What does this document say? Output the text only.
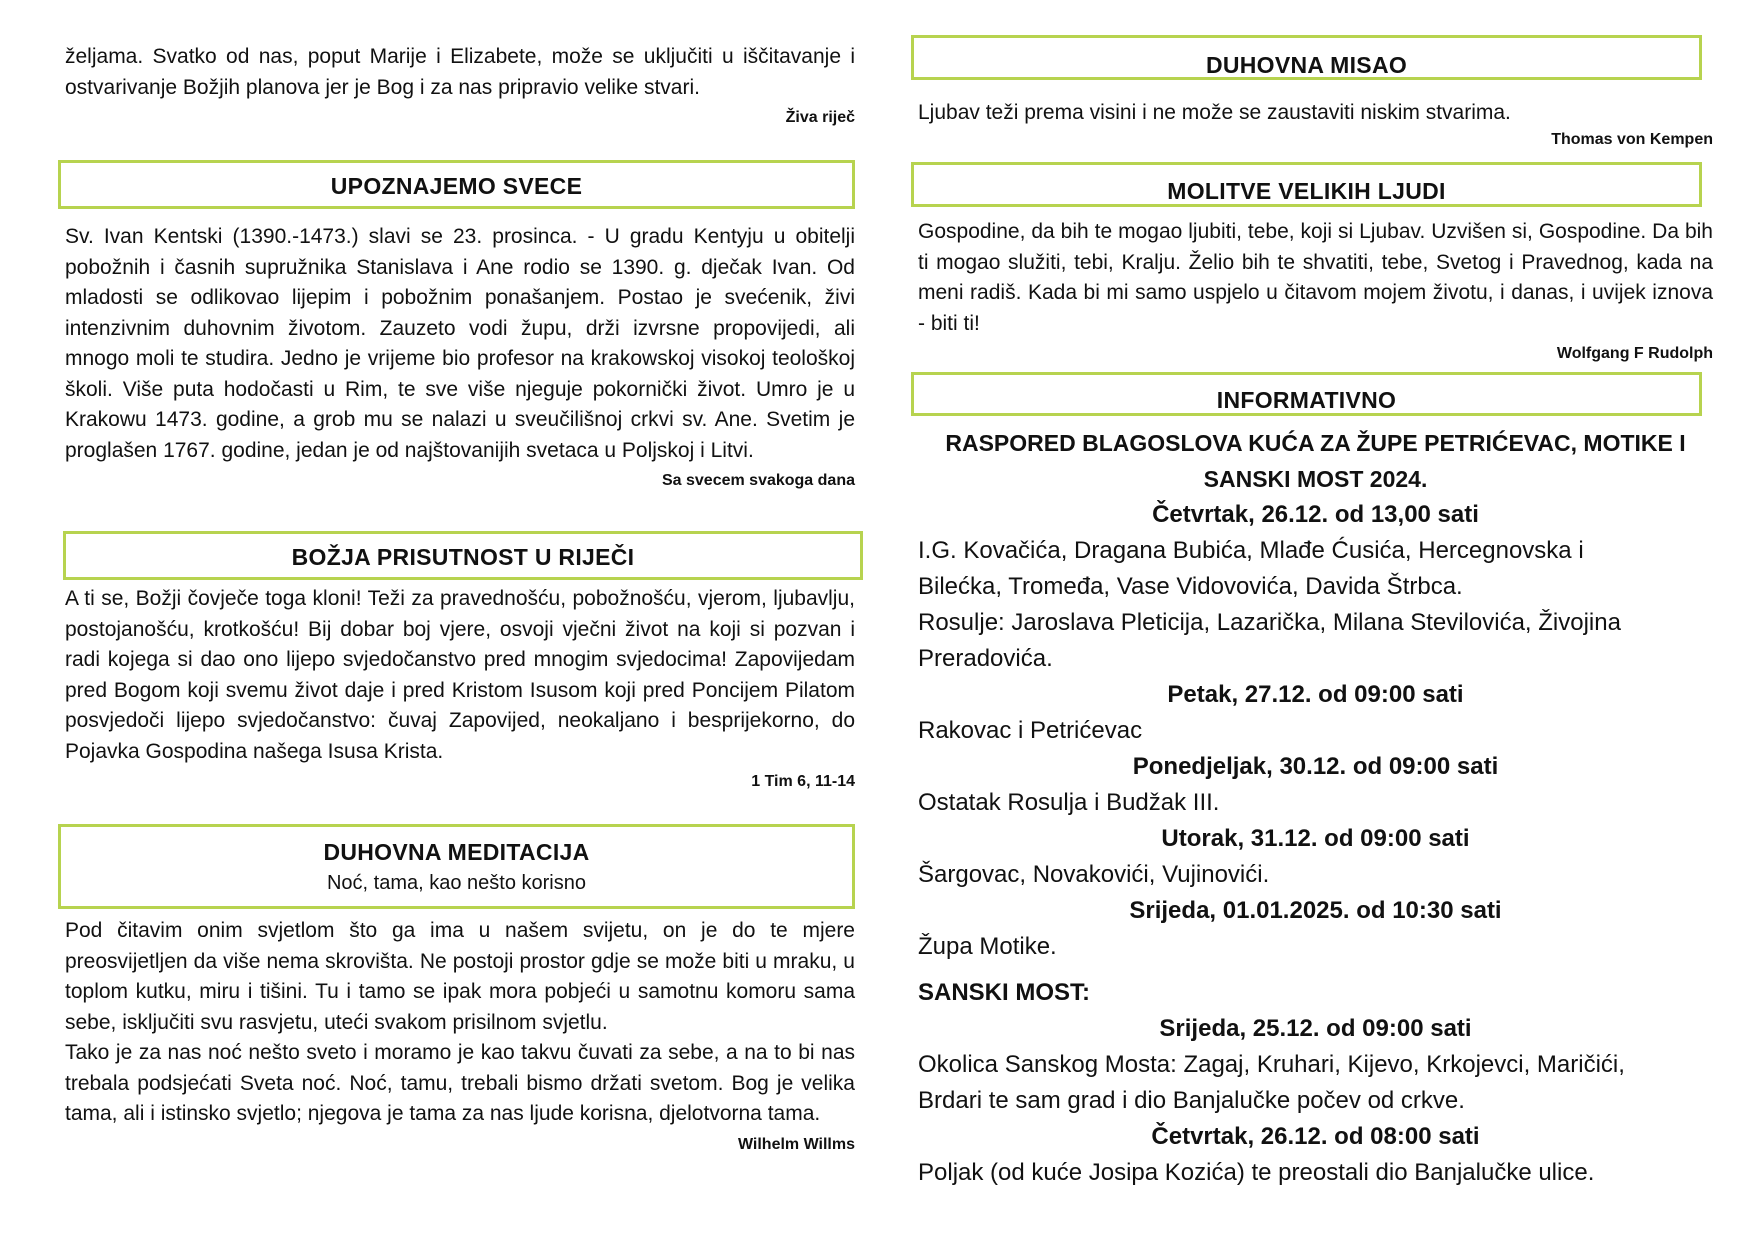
željama. Svatko od nas, poput Marije i Elizabete, može se uključiti u iščitavanje i ostvarivanje Božjih planova jer je Bog i za nas pripravio velike stvari.

Živa riječ

UPOZNAJEMO SVECE

Sv. Ivan Kentski (1390.-1473.) slavi se 23. prosinca. - U gradu Kentyju u obitelji pobožnih i časnih supružnika Stanislava i Ane rodio se 1390. g. dječak Ivan. Od mladosti se odlikovao lijepim i pobožnim ponašanjem. Postao je svećenik, živi intenzivnim duhovnim životom. Zauzeto vodi župu, drži izvrsne propovijedi, ali mnogo moli te studira. Jedno je vrijeme bio profesor na krakowskoj visokoj teološkoj školi. Više puta hodočasti u Rim, te sve više njeguje pokornički život. Umro je u Krakowu 1473. godine, a grob mu se nalazi u sveučilišnoj crkvi sv. Ane. Svetim je proglašen 1767. godine, jedan je od najštovanijih svetaca u Poljskoj i Litvi.

Sa svecem svakoga dana

BOŽJA PRISUTNOST U RIJEČI

A ti se, Božji čovječe toga kloni! Teži za pravednošću, pobožnošću, vjerom, ljubavlju, postojanošću, krotkošću! Bij dobar boj vjere, osvoji vječni život na koji si pozvan i radi kojega si dao ono lijepo svjedočanstvo pred mnogim svjedocima! Zapovijedam pred Bogom koji svemu život daje i pred Kristom Isusom koji pred Poncijem Pilatom posvjedoči lijepo svjedočanstvo: čuvaj Zapovijed, neokaljano i besprijekorno, do Pojavka Gospodina našega Isusa Krista.

1 Tim 6, 11-14

DUHOVNA MEDITACIJA
Noć, tama, kao nešto korisno

Pod čitavim onim svjetlom što ga ima u našem svijetu, on je do te mjere preosvijetljen da više nema skrovišta. Ne postoji prostor gdje se može biti u mraku, u toplom kutku, miru i tišini. Tu i tamo se ipak mora pobjeći u samotnu komoru sama sebe, isključiti svu rasvjetu, uteći svakom prisilnom svjetlu.

Tako je za nas noć nešto sveto i moramo je kao takvu čuvati za sebe, a na to bi nas trebala podsjećati Sveta noć. Noć, tamu, trebali bismo držati svetom. Bog je velika tama, ali i istinsko svjetlo; njegova je tama za nas ljude korisna, djelotvorna tama.

Wilhelm Willms

DUHOVNA MISAO

Ljubav teži prema visini i ne može se zaustaviti niskim stvarima.

Thomas von Kempen

MOLITVE VELIKIH LJUDI

Gospodine, da bih te mogao ljubiti, tebe, koji si Ljubav. Uzvišen si, Gospodine. Da bih ti mogao služiti, tebi, Kralju. Želio bih te shvatiti, tebe, Svetog i Pravednog, kada na meni radiš. Kada bi mi samo uspjelo u čitavom mojem životu, i danas, i uvijek iznova - biti ti!

Wolfgang F Rudolph

INFORMATIVNO

RASPORED BLAGOSLOVA KUĆA ZA ŽUPE PETRIĆEVAC, MOTIKE I

SANSKI MOST 2024.

Četvrtak, 26.12. od 13,00 sati

I.G. Kovačića, Dragana Bubića, Mlađe Ćusića, Hercegnovska i

Bilećka, Tromeđa, Vase Vidovovića, Davida Štrbca.

Rosulje: Jaroslava Pleticija, Lazarička, Milana Stevilovića, Živojina

Preradovića.

Petak, 27.12. od 09:00 sati

Rakovac i Petrićevac

Ponedjeljak, 30.12. od 09:00 sati

Ostatak Rosulja i Budžak III.

Utorak, 31.12. od 09:00 sati

Šargovac, Novakovići, Vujinovići.

Srijeda, 01.01.2025. od 10:30 sati

Župa Motike.

SANSKI MOST:

Srijeda, 25.12. od 09:00 sati

Okolica Sanskog Mosta: Zagaj, Kruhari, Kijevo, Krkojevci, Maričići,

Brdari te sam grad i dio Banjalučke počev od crkve.

Četvrtak, 26.12. od 08:00 sati

Poljak (od kuće Josipa Kozića) te preostali dio Banjalučke ulice.
